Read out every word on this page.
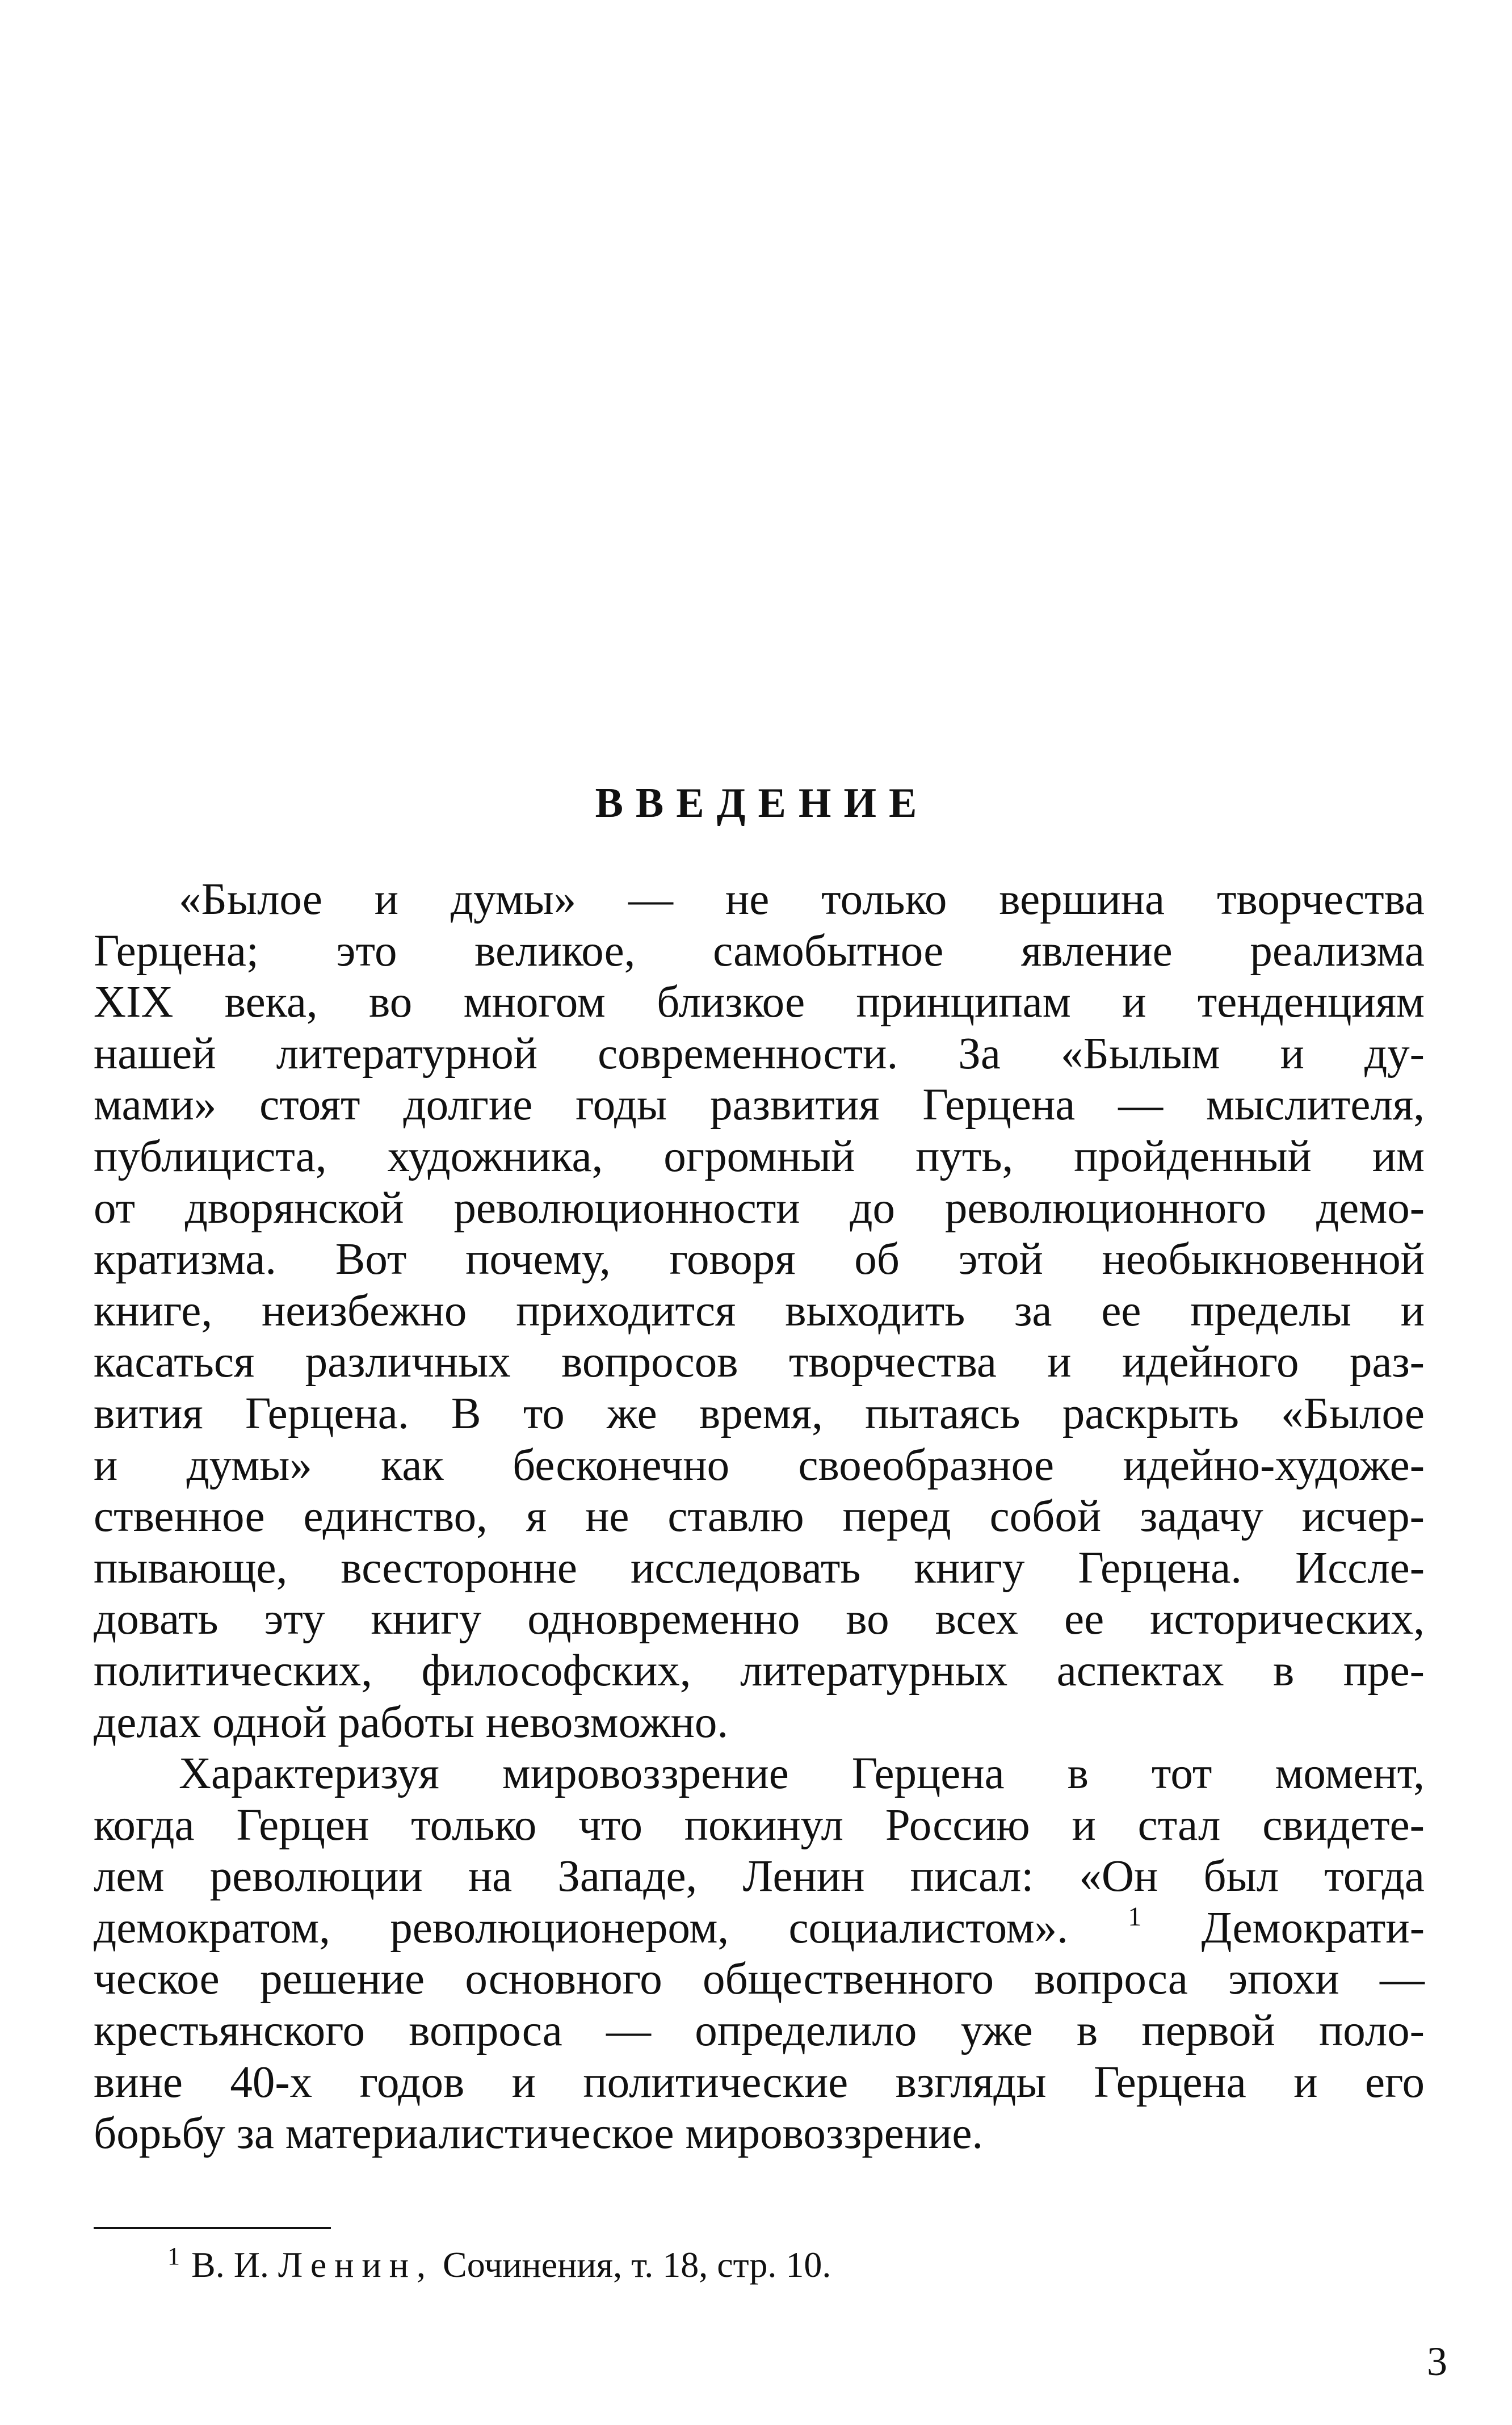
ВВЕДЕНИЕ
«Былое и думы» — не только вершина творчества
Герцена; это великое, самобытное явление реализма
XIX века, во многом близкое принципам и тенденциям
нашей литературной современности. За «Былым и ду-
мами» стоят долгие годы развития Герцена — мыслителя,
публициста, художника, огромный путь, пройденный им
от дворянской революционности до революционного демо-
кратизма. Вот почему, говоря об этой необыкновенной
книге, неизбежно приходится выходить за ее пределы и
касаться различных вопросов творчества и идейного раз-
вития Герцена. В то же время, пытаясь раскрыть «Былое
и думы» как бесконечно своеобразное идейно-художе-
ственное единство, я не ставлю перед собой задачу исчер-
пывающе, всесторонне исследовать книгу Герцена. Иссле-
довать эту книгу одновременно во всех ее исторических,
политических, философских, литературных аспектах в пре-
делах одной работы невозможно.
Характеризуя мировоззрение Герцена в тот момент,
когда Герцен только что покинул Россию и стал свидете-
лем революции на Западе, Ленин писал: «Он был тогда
демократом, революционером, социалистом». $^1$ Демократи-
ческое решение основного общественного вопроса эпохи —
крестьянского вопроса — определило уже в первой поло-
вине 40-х годов и политические взгляды Герцена и его
борьбу за материалистическое мировоззрение.
$^1$ В. И. Ленин, Сочинения, т. 18, стр. 10.
3
